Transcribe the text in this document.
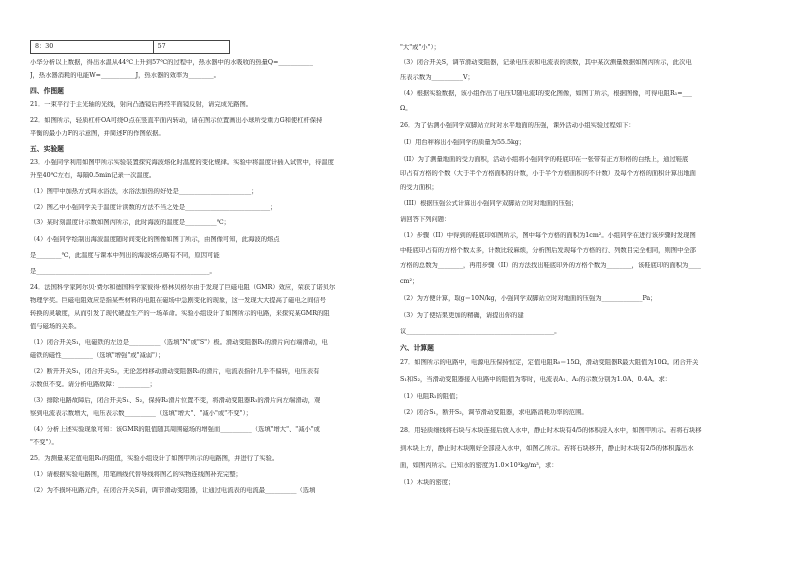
8：30	57

小华分析以上数据，得出水温从44℃上升到57℃的过程中，热水器中的水吸收的热量Q=___________

J，热水器消耗的电能W=___________J，热水器的效率为________。

四、作图题

21．一束平行于主光轴的光线，射向凸透镜后再经平面镜反射，请完成光路图。

22．如图所示，轻质杠杆OA可绕O点在竖直平面内转动，请在图示位置画出小球所受重力G和使杠杆保持

平衡的最小力F的示意图，并简述F的作图依据。

五、实验题

23．小强同学利用如图甲所示实验装置探究海波熔化时温度的变化规律。实验中将温度计插入试管中，待温度

升至40℃左右，每隔0.5min记录一次温度。

（1）图甲中加热方式叫水浴法，水浴法加热的好处是_______________________；

（2）图乙中小强同学关于温度计读数的方法不当之处是___________________________；

（3）某时刻温度计示数如图丙所示，此时海波的温度是__________℃；

（4）小强同学绘制出海波温度随时间变化的图像如图丁所示，由图像可知，此海波的熔点

是________℃，此温度与课本中列出的海波熔点略有不同，原因可能

是_______________________________________________________。

24．法国科学家阿尔贝·费尔和德国科学家彼得·格林贝格尔由于发现了巨磁电阻（GMR）效应，荣获了诺贝尔

物理学奖。巨磁电阻效应是指某些材料的电阻在磁场中急剧变化的现象，这一发现大大提高了磁电之间信号

转换的灵敏度，从而引发了现代硬盘生产的一场革命。实验小组设计了如图所示的电路，来探究某GMR的阻

值与磁场的关系。

（1）闭合开关S₁，电磁铁的左边是__________（选填"N"或"S"）极。滑动变阻器R₁的滑片向右端滑动，电

磁铁的磁性__________（选填"增强"或"减弱"）；

（2）断开开关S₁，闭合开关S₂，无论怎样移动滑动变阻器R₂的滑片，电流表指针几乎不偏转，电压表有

示数但不变。请分析电路故障：__________；

（3）排除电路故障后，闭合开关S₁、S₂，保持R₂滑片位置不变，将滑动变阻器R₁的滑片向左端滑动，观

察到电流表示数增大，电压表示数__________（选填"增大"、"减小"或"不变"）；

（4）分析上述实验现象可知：该GMR的阻值随其周围磁场的增强而__________（选填"增大"、"减小"或

"不变"）。

25．为测量某定值电阻R₁的阻值，实验小组设计了如图甲所示的电路图，并进行了实验。

（1）请根据实验电路图，用笔画线代替导线将图乙的实物连线图补充完整；

（2）为不损坏电路元件，在闭合开关S前，调节滑动变阻器，让通过电流表的电流最__________（选填

"大"或"小"）；

（3）闭合开关S，调节滑动变阻器，记录电压表和电流表的读数，其中某次测量数据如图丙所示，此次电

压表示数为__________V；

（4）根据实验数据，该小组作出了电压U随电流I的变化图像，如图丁所示，根据图像，可得电阻R₁=___

Ω。

26．为了估测小强同学双脚站立时对水平地面的压强，课外活动小组实验过程如下：

（I）用台秤称出小强同学的质量为55.5kg；

（II）为了测量地面的受力面积，活动小组将小强同学的鞋底印在一张带有正方形格的白纸上，通过鞋底

印占有方格的个数（大于半个方格面积的计数，小于半个方格面积的不计数）及每个方格的面积计算出地面

的受力面积；

（III）根据压强公式计算出小强同学双脚站立时对地面的压强；

请回答下列问题：

（1）步骤（II）中得到的鞋底印如图所示，图中每个方格的面积为1cm²。小组同学在进行该步骤时发现图

中鞋底印占有的方格个数太多，计数比较麻烦，分析图后发现每个方格的行、列数目完全相同，则图中全部

方格的总数为________，再用步骤（II）的方法找出鞋底印外的方格个数为________，该鞋底印的面积为____

cm²；

（2）为方便计算，取g＝10N/kg，小强同学双脚站立时对地面的压强为_____________Pa；

（3）为了使结果更加的精确，请提出你的建

议_______________________________________________。

六、计算题

27．如图所示的电路中，电源电压保持恒定，定值电阻R₀＝15Ω，滑动变阻器R最大阻值为10Ω。闭合开关

S₁和S₂，当滑动变阻器接入电路中的阻值为零时，电流表A₁、A₂的示数分别为1.0A、0.4A。求：

（1）电阻R₁的阻值；

（2）闭合S₁，断开S₂，调节滑动变阻器，求电路消耗功率的范围。

28．用轻质细线将石块与木块连接后放入水中，静止时木块有4/5的体积浸入水中，如图甲所示。若将石块移

到木块上方，静止时木块刚好全部浸入水中，如图乙所示。若将石块移开，静止时木块有2/5的体积露出水

面，如图丙所示。已知水的密度为1.0×10³kg/m³，求：

（1）木块的密度；
